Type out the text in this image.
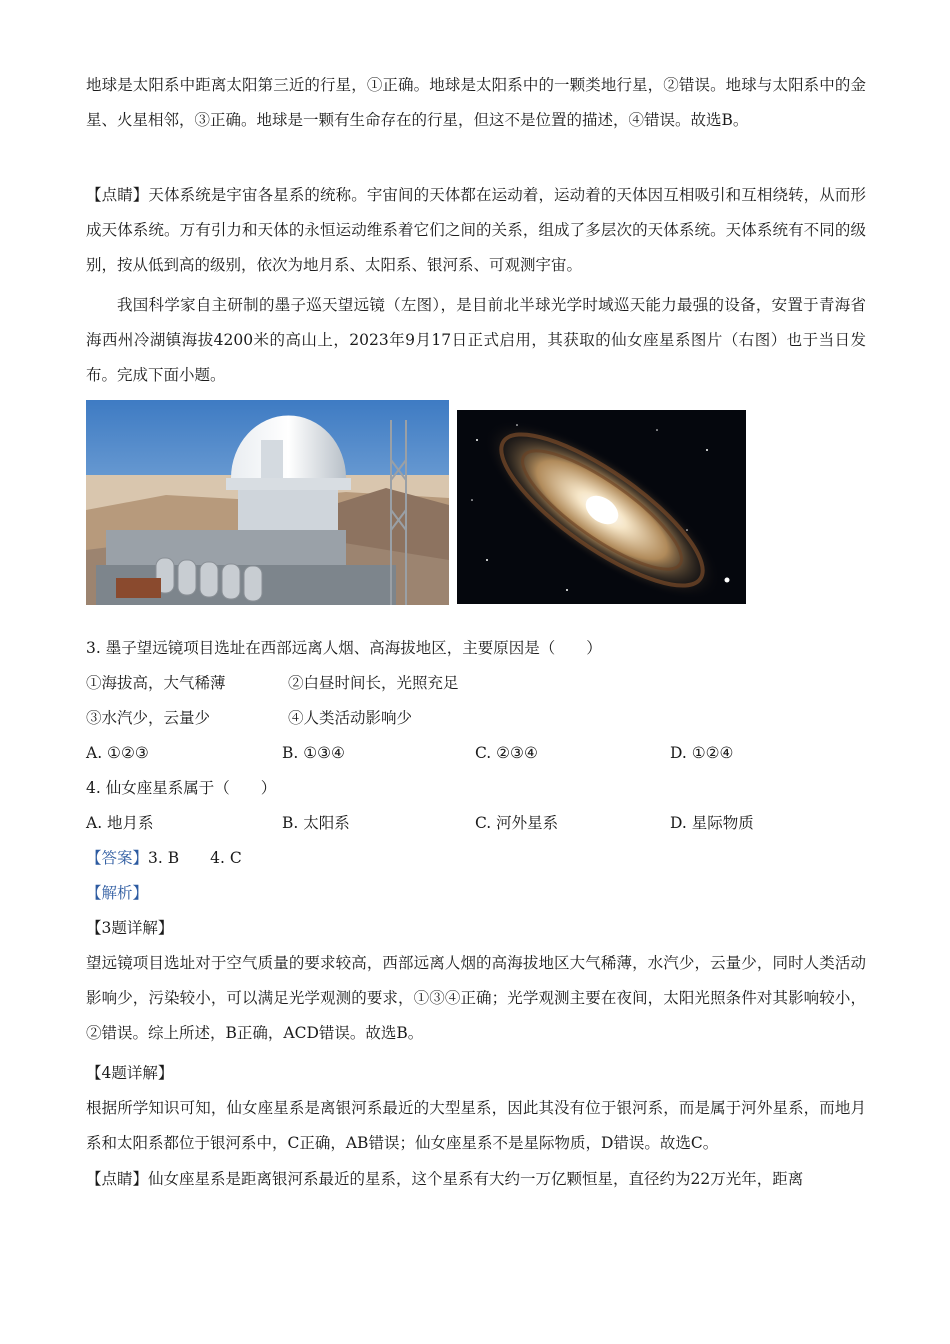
地球是太阳系中距离太阳第三近的行星，①正确。地球是太阳系中的一颗类地行星，②错误。地球与太阳系中的金星、火星相邻，③正确。地球是一颗有生命存在的行星，但这不是位置的描述，④错误。故选B。

【点睛】天体系统是宇宙各星系的统称。宇宙间的天体都在运动着，运动着的天体因互相吸引和互相绕转，从而形成天体系统。万有引力和天体的永恒运动维系着它们之间的关系，组成了多层次的天体系统。天体系统有不同的级别，按从低到高的级别，依次为地月系、太阳系、银河系、可观测宇宙。

我国科学家自主研制的墨子巡天望远镜（左图），是目前北半球光学时域巡天能力最强的设备，安置于青海省海西州冷湖镇海拔4200米的高山上，2023年9月17日正式启用，其获取的仙女座星系图片（右图）也于当日发布。完成下面小题。

3. 墨子望远镜项目选址在西部远离人烟、高海拔地区，主要原因是（　　）
①海拔高，大气稀薄	②白昼时间长，光照充足
③水汽少，云量少	④人类活动影响少
A. ①②③	B. ①③④	C. ②③④	D. ①②④
4. 仙女座星系属于（　　）
A. 地月系	B. 太阳系	C. 河外星系	D. 星际物质
【答案】3. B　　4. C
【解析】
【3题详解】

望远镜项目选址对于空气质量的要求较高，西部远离人烟的高海拔地区大气稀薄，水汽少，云量少，同时人类活动影响少，污染较小，可以满足光学观测的要求，①③④正确；光学观测主要在夜间，太阳光照条件对其影响较小，②错误。综上所述，B正确，ACD错误。故选B。

【4题详解】

根据所学知识可知，仙女座星系是离银河系最近的大型星系，因此其没有位于银河系，而是属于河外星系，而地月系和太阳系都位于银河系中，C正确，AB错误；仙女座星系不是星际物质，D错误。故选C。

【点睛】仙女座星系是距离银河系最近的星系，这个星系有大约一万亿颗恒星，直径约为22万光年，距离
